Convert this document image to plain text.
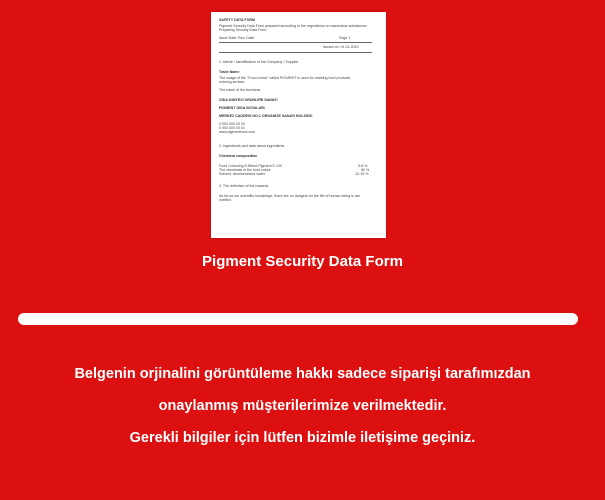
SAFETY DATA FORM
Pigment Security Data Form prepared according to the regulations on hazardous substances
Preparing Security Data Form
Issue Date: Rev. Date:	Page 1
Issued on: 01.01.2010
1. Article / Identification of the Company / Supplier
Trade Name
The usage of the "Food colour" called PIGMENT is used for marking food products
coloring surface.
The name of the business
GIDA KIMYEVI URUNLERI SANAYI
PIGMENT GIDA BOYALARI
MERKEZ CADDESI NO:1 ORGANIZE SANAYI BOLGESI
0 000 000 00 00
0 000 000 00 01
www.pigmentfood.com
2. Ingredients and data about ingredients
Chemical composition
Food Colouring E-Blend Pigment E 100	5-8 %
The chemicals in the food colour	80 %
Solvent, demineralized water	12-15 %
3. The definition of the hazards
As far as our scientific knowledge, there are no dangers for the life of human being is are
notified.
Pigment Security Data Form
Belgenin orjinalini görüntüleme hakkı sadece siparişi tarafımızdan
onaylanmış müşterilerimize verilmektedir.
Gerekli bilgiler için lütfen bizimle iletişime geçiniz.
